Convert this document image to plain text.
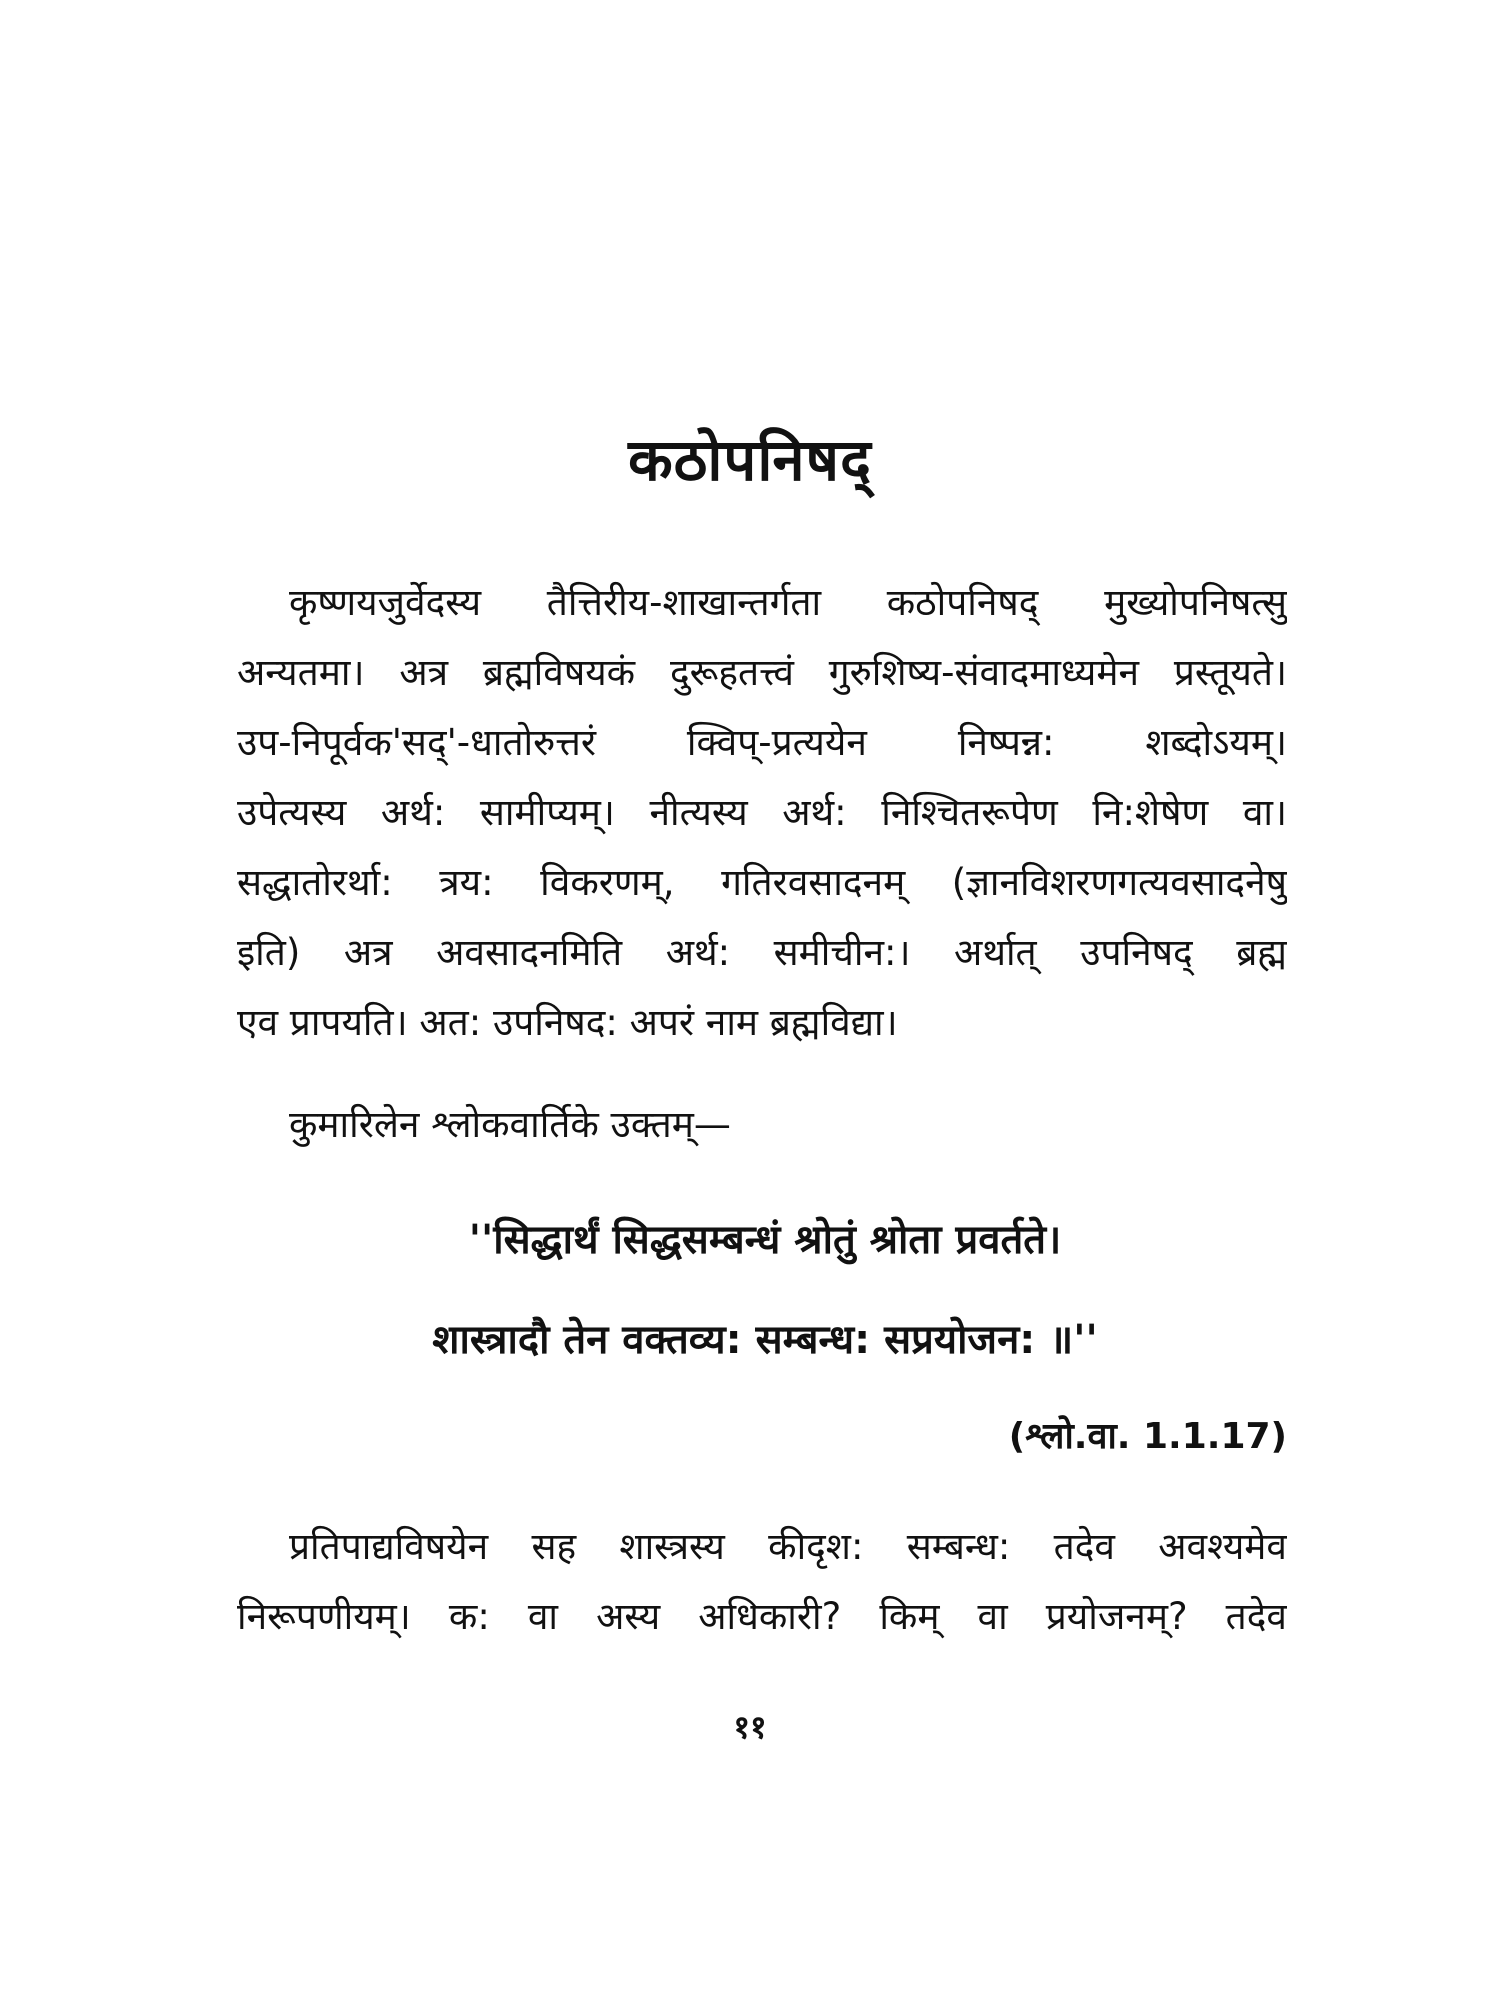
कठोपनिषद्
कृष्णयजुर्वेदस्य तैत्तिरीय-शाखान्तर्गता कठोपनिषद् मुख्योपनिषत्सु
अन्यतमा। अत्र ब्रह्मविषयकं दुरूहतत्त्वं गुरुशिष्य-संवादमाध्यमेन प्रस्तूयते।
उप-निपूर्वक'सद्'-धातोरुत्तरं क्विप्-प्रत्ययेन निष्पन्न: शब्दोऽयम्।
उपेत्यस्य अर्थ: सामीप्यम्। नीत्यस्य अर्थ: निश्चितरूपेण नि:शेषेण वा।
सद्धातोरर्था: त्रय: विकरणम्, गतिरवसादनम् (ज्ञानविशरणगत्यवसादनेषु
इति) अत्र अवसादनमिति अर्थ: समीचीन:। अर्थात् उपनिषद् ब्रह्म
एव प्रापयति। अत: उपनिषद: अपरं नाम ब्रह्मविद्या।
कुमारिलेन श्लोकवार्तिके उक्तम्—
''सिद्धार्थं सिद्धसम्बन्धं श्रोतुं श्रोता प्रवर्तते।
शास्त्रादौ तेन वक्तव्य: सम्बन्ध: सप्रयोजन: ॥''
(श्लो.वा. 1.1.17)
प्रतिपाद्यविषयेन सह शास्त्रस्य कीदृश: सम्बन्ध: तदेव अवश्यमेव
निरूपणीयम्। क: वा अस्य अधिकारी? किम् वा प्रयोजनम्? तदेव
११
